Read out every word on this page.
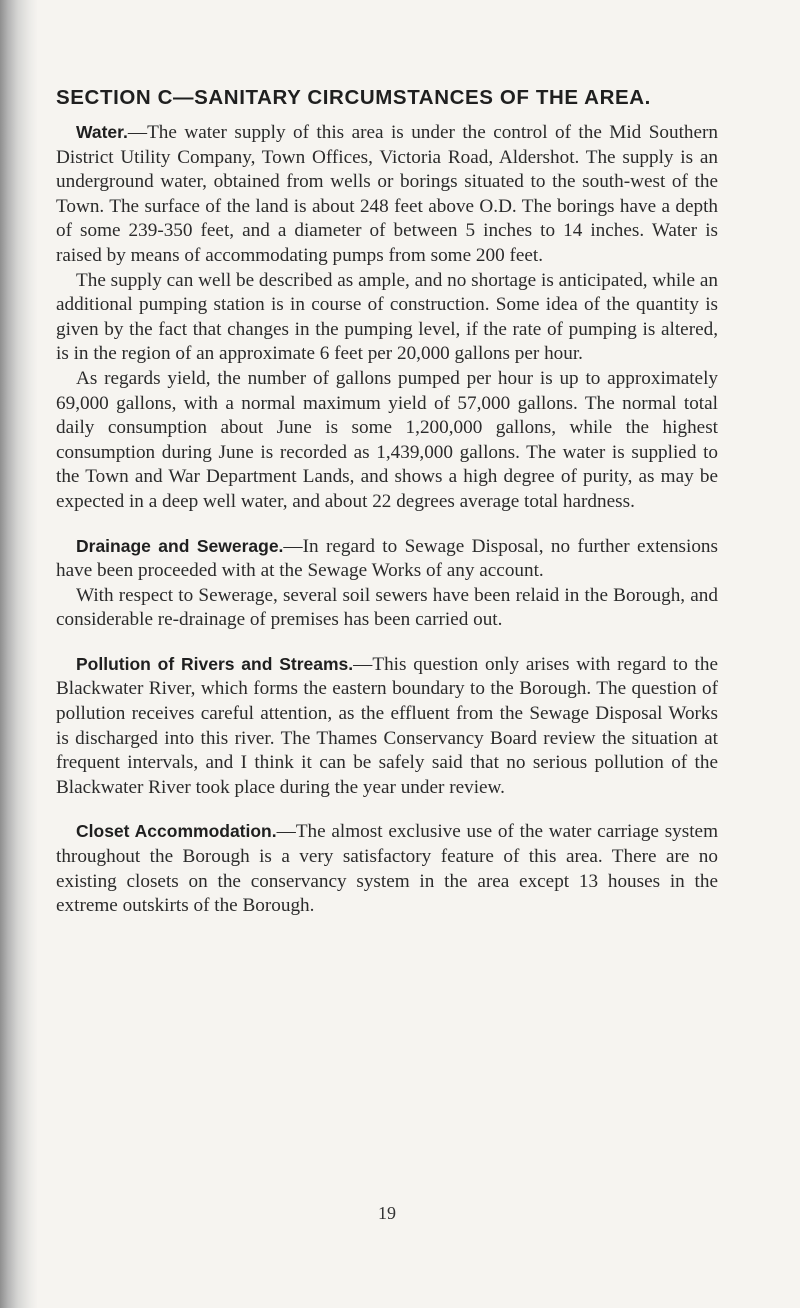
SECTION C—SANITARY CIRCUMSTANCES OF THE AREA.

Water.—The water supply of this area is under the control of the Mid Southern District Utility Company, Town Offices, Victoria Road, Aldershot. The supply is an underground water, obtained from wells or borings situated to the south-west of the Town. The surface of the land is about 248 feet above O.D. The borings have a depth of some 239-350 feet, and a diameter of between 5 inches to 14 inches. Water is raised by means of accommodating pumps from some 200 feet.

The supply can well be described as ample, and no shortage is anticipated, while an additional pumping station is in course of construction. Some idea of the quantity is given by the fact that changes in the pumping level, if the rate of pumping is altered, is in the region of an approximate 6 feet per 20,000 gallons per hour.

As regards yield, the number of gallons pumped per hour is up to approximately 69,000 gallons, with a normal maximum yield of 57,000 gallons. The normal total daily consumption about June is some 1,200,000 gallons, while the highest consumption during June is recorded as 1,439,000 gallons. The water is supplied to the Town and War Department Lands, and shows a high degree of purity, as may be expected in a deep well water, and about 22 degrees average total hardness.

Drainage and Sewerage.—In regard to Sewage Disposal, no further extensions have been proceeded with at the Sewage Works of any account.

With respect to Sewerage, several soil sewers have been relaid in the Borough, and considerable re-drainage of premises has been carried out.

Pollution of Rivers and Streams.—This question only arises with regard to the Blackwater River, which forms the eastern boundary to the Borough. The question of pollution receives careful attention, as the effluent from the Sewage Disposal Works is discharged into this river. The Thames Conservancy Board review the situation at frequent intervals, and I think it can be safely said that no serious pollution of the Blackwater River took place during the year under review.

Closet Accommodation.—The almost exclusive use of the water carriage system throughout the Borough is a very satisfactory feature of this area. There are no existing closets on the conservancy system in the area except 13 houses in the extreme outskirts of the Borough.

19
